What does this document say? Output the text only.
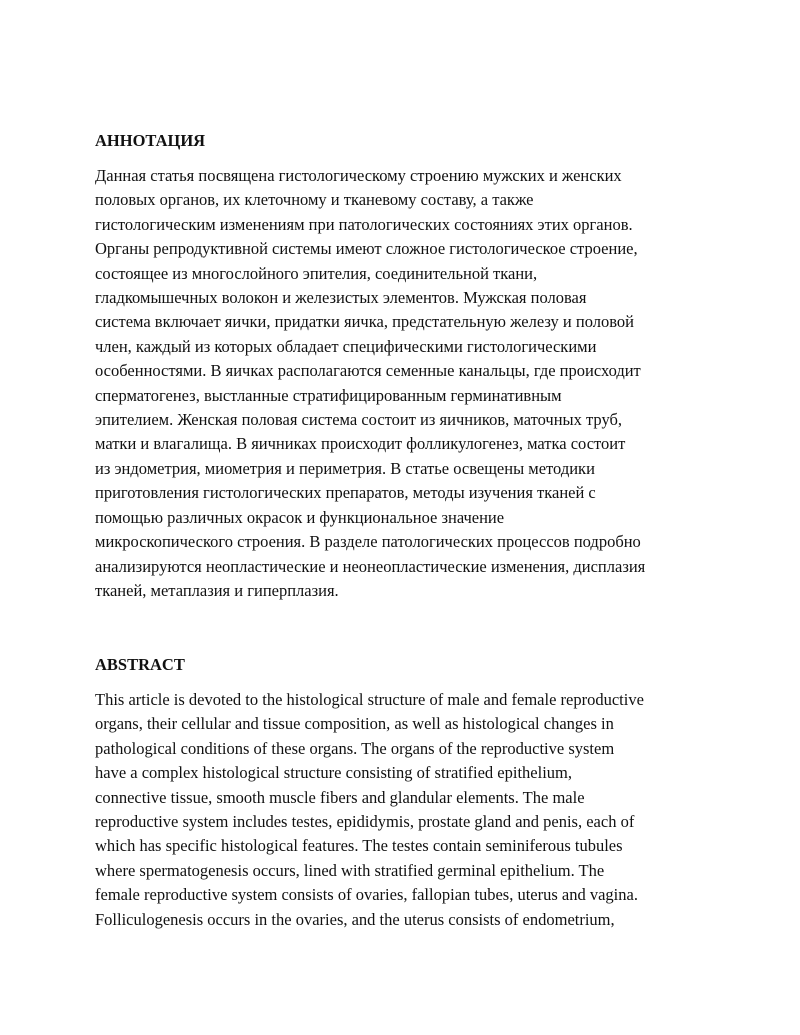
АННОТАЦИЯ
Данная статья посвящена гистологическому строению мужских и женских
половых органов, их клеточному и тканевому составу, а также
гистологическим изменениям при патологических состояниях этих органов.
Органы репродуктивной системы имеют сложное гистологическое строение,
состоящее из многослойного эпителия, соединительной ткани,
гладкомышечных волокон и железистых элементов. Мужская половая
система включает яички, придатки яичка, предстательную железу и половой
член, каждый из которых обладает специфическими гистологическими
особенностями. В яичках располагаются семенные канальцы, где происходит
сперматогенез, выстланные стратифицированным герминативным
эпителием. Женская половая система состоит из яичников, маточных труб,
матки и влагалища. В яичниках происходит фолликулогенез, матка состоит
из эндометрия, миометрия и периметрия. В статье освещены методики
приготовления гистологических препаратов, методы изучения тканей с
помощью различных окрасок и функциональное значение
микроскопического строения. В разделе патологических процессов подробно
анализируются неопластические и неонеопластические изменения, дисплазия
тканей, метаплазия и гиперплазия.
ABSTRACT
This article is devoted to the histological structure of male and female reproductive
organs, their cellular and tissue composition, as well as histological changes in
pathological conditions of these organs. The organs of the reproductive system
have a complex histological structure consisting of stratified epithelium,
connective tissue, smooth muscle fibers and glandular elements. The male
reproductive system includes testes, epididymis, prostate gland and penis, each of
which has specific histological features. The testes contain seminiferous tubules
where spermatogenesis occurs, lined with stratified germinal epithelium. The
female reproductive system consists of ovaries, fallopian tubes, uterus and vagina.
Folliculogenesis occurs in the ovaries, and the uterus consists of endometrium,
